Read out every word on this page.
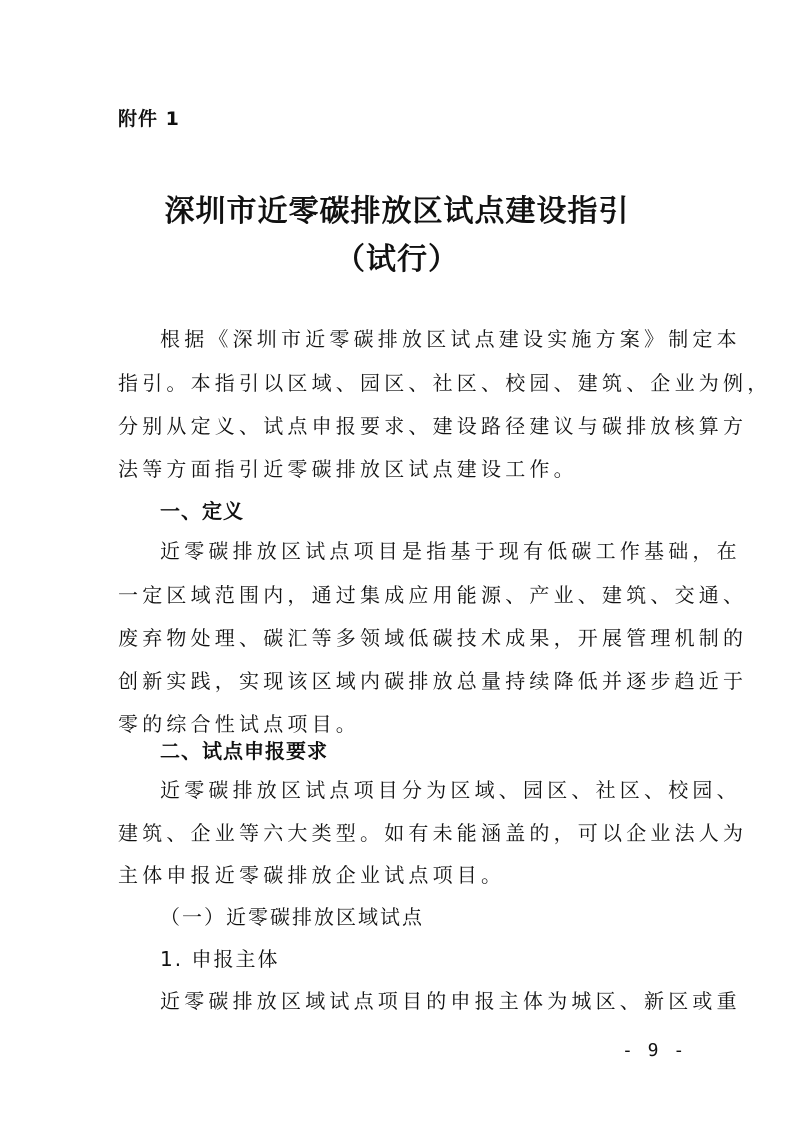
附件 1
深圳市近零碳排放区试点建设指引
（试行）
根据《深圳市近零碳排放区试点建设实施方案》制定本
指引。本指引以区域、园区、社区、校园、建筑、企业为例，
分别从定义、试点申报要求、建设路径建议与碳排放核算方
法等方面指引近零碳排放区试点建设工作。
一、定义
近零碳排放区试点项目是指基于现有低碳工作基础，在
一定区域范围内，通过集成应用能源、产业、建筑、交通、
废弃物处理、碳汇等多领域低碳技术成果，开展管理机制的
创新实践，实现该区域内碳排放总量持续降低并逐步趋近于
零的综合性试点项目。
二、试点申报要求
近零碳排放区试点项目分为区域、园区、社区、校园、
建筑、企业等六大类型。如有未能涵盖的，可以企业法人为
主体申报近零碳排放企业试点项目。
（一）近零碳排放区域试点
1. 申报主体
近零碳排放区域试点项目的申报主体为城区、新区或重
- 9 -
